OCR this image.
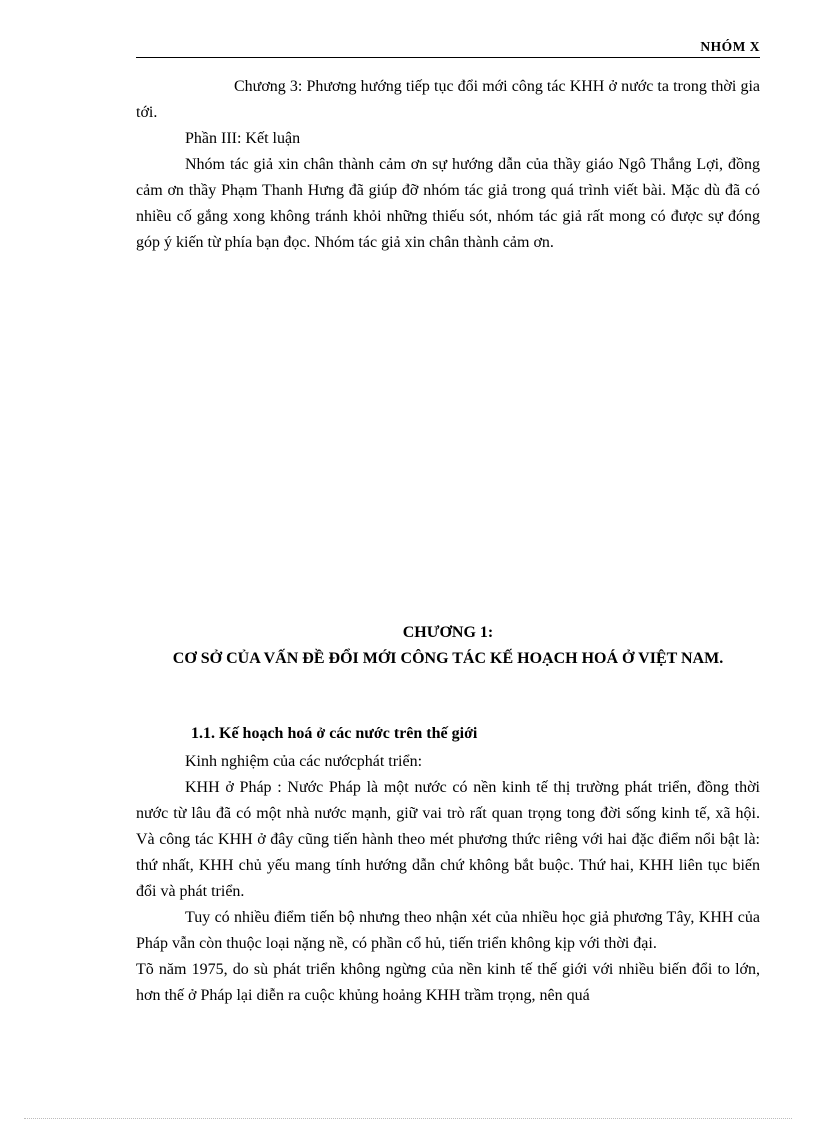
NHÓM X

Chương 3: Phương hướng tiếp tục đổi mới công tác KHH ở nước ta trong thời gia tới.

Phần III: Kết luận

Nhóm tác giả xin chân thành cảm ơn sự hướng dẫn của thầy giáo Ngô Thắng Lợi, đồng cảm ơn thầy Phạm Thanh Hưng đã giúp đỡ nhóm tác giả trong quá trình viết bài. Mặc dù đã có nhiều cố gắng xong không tránh khỏi những thiếu sót, nhóm tác giả rất mong có được sự đóng góp ý kiến từ phía bạn đọc. Nhóm tác giả xin chân thành cảm ơn.

CHƯƠNG 1:
CƠ SỞ CỦA VẤN ĐỀ ĐỔI MỚI CÔNG TÁC KẾ HOẠCH HOÁ Ở VIỆT NAM.

1.1. Kế hoạch hoá ở các nước trên thế giới

Kinh nghiệm của các nướcphát triển:

KHH ở Pháp : Nước Pháp là một nước có nền kinh tế thị trường phát triển, đồng thời nước từ lâu đã có một nhà nước mạnh, giữ vai trò rất quan trọng tong đời sống kinh tế, xã hội. Và công tác KHH ở đây cũng tiến hành theo mét phương thức riêng với hai đặc điểm nổi bật là: thứ nhất, KHH chủ yếu mang tính hướng dẫn chứ không bắt buộc. Thứ hai, KHH liên tục biến đổi và phát triển.

Tuy có nhiều điểm tiến bộ nhưng theo nhận xét của nhiều học giả phương Tây, KHH của Pháp vẫn còn thuộc loại nặng nề, có phần cổ hủ, tiến triển không kịp với thời đại.

Tõ năm 1975, do sù phát triển không ngừng của nền kinh tế thế giới với nhiều biến đổi to lớn, hơn thế ở Pháp lại diễn ra cuộc khủng hoảng KHH trầm trọng, nên quá
